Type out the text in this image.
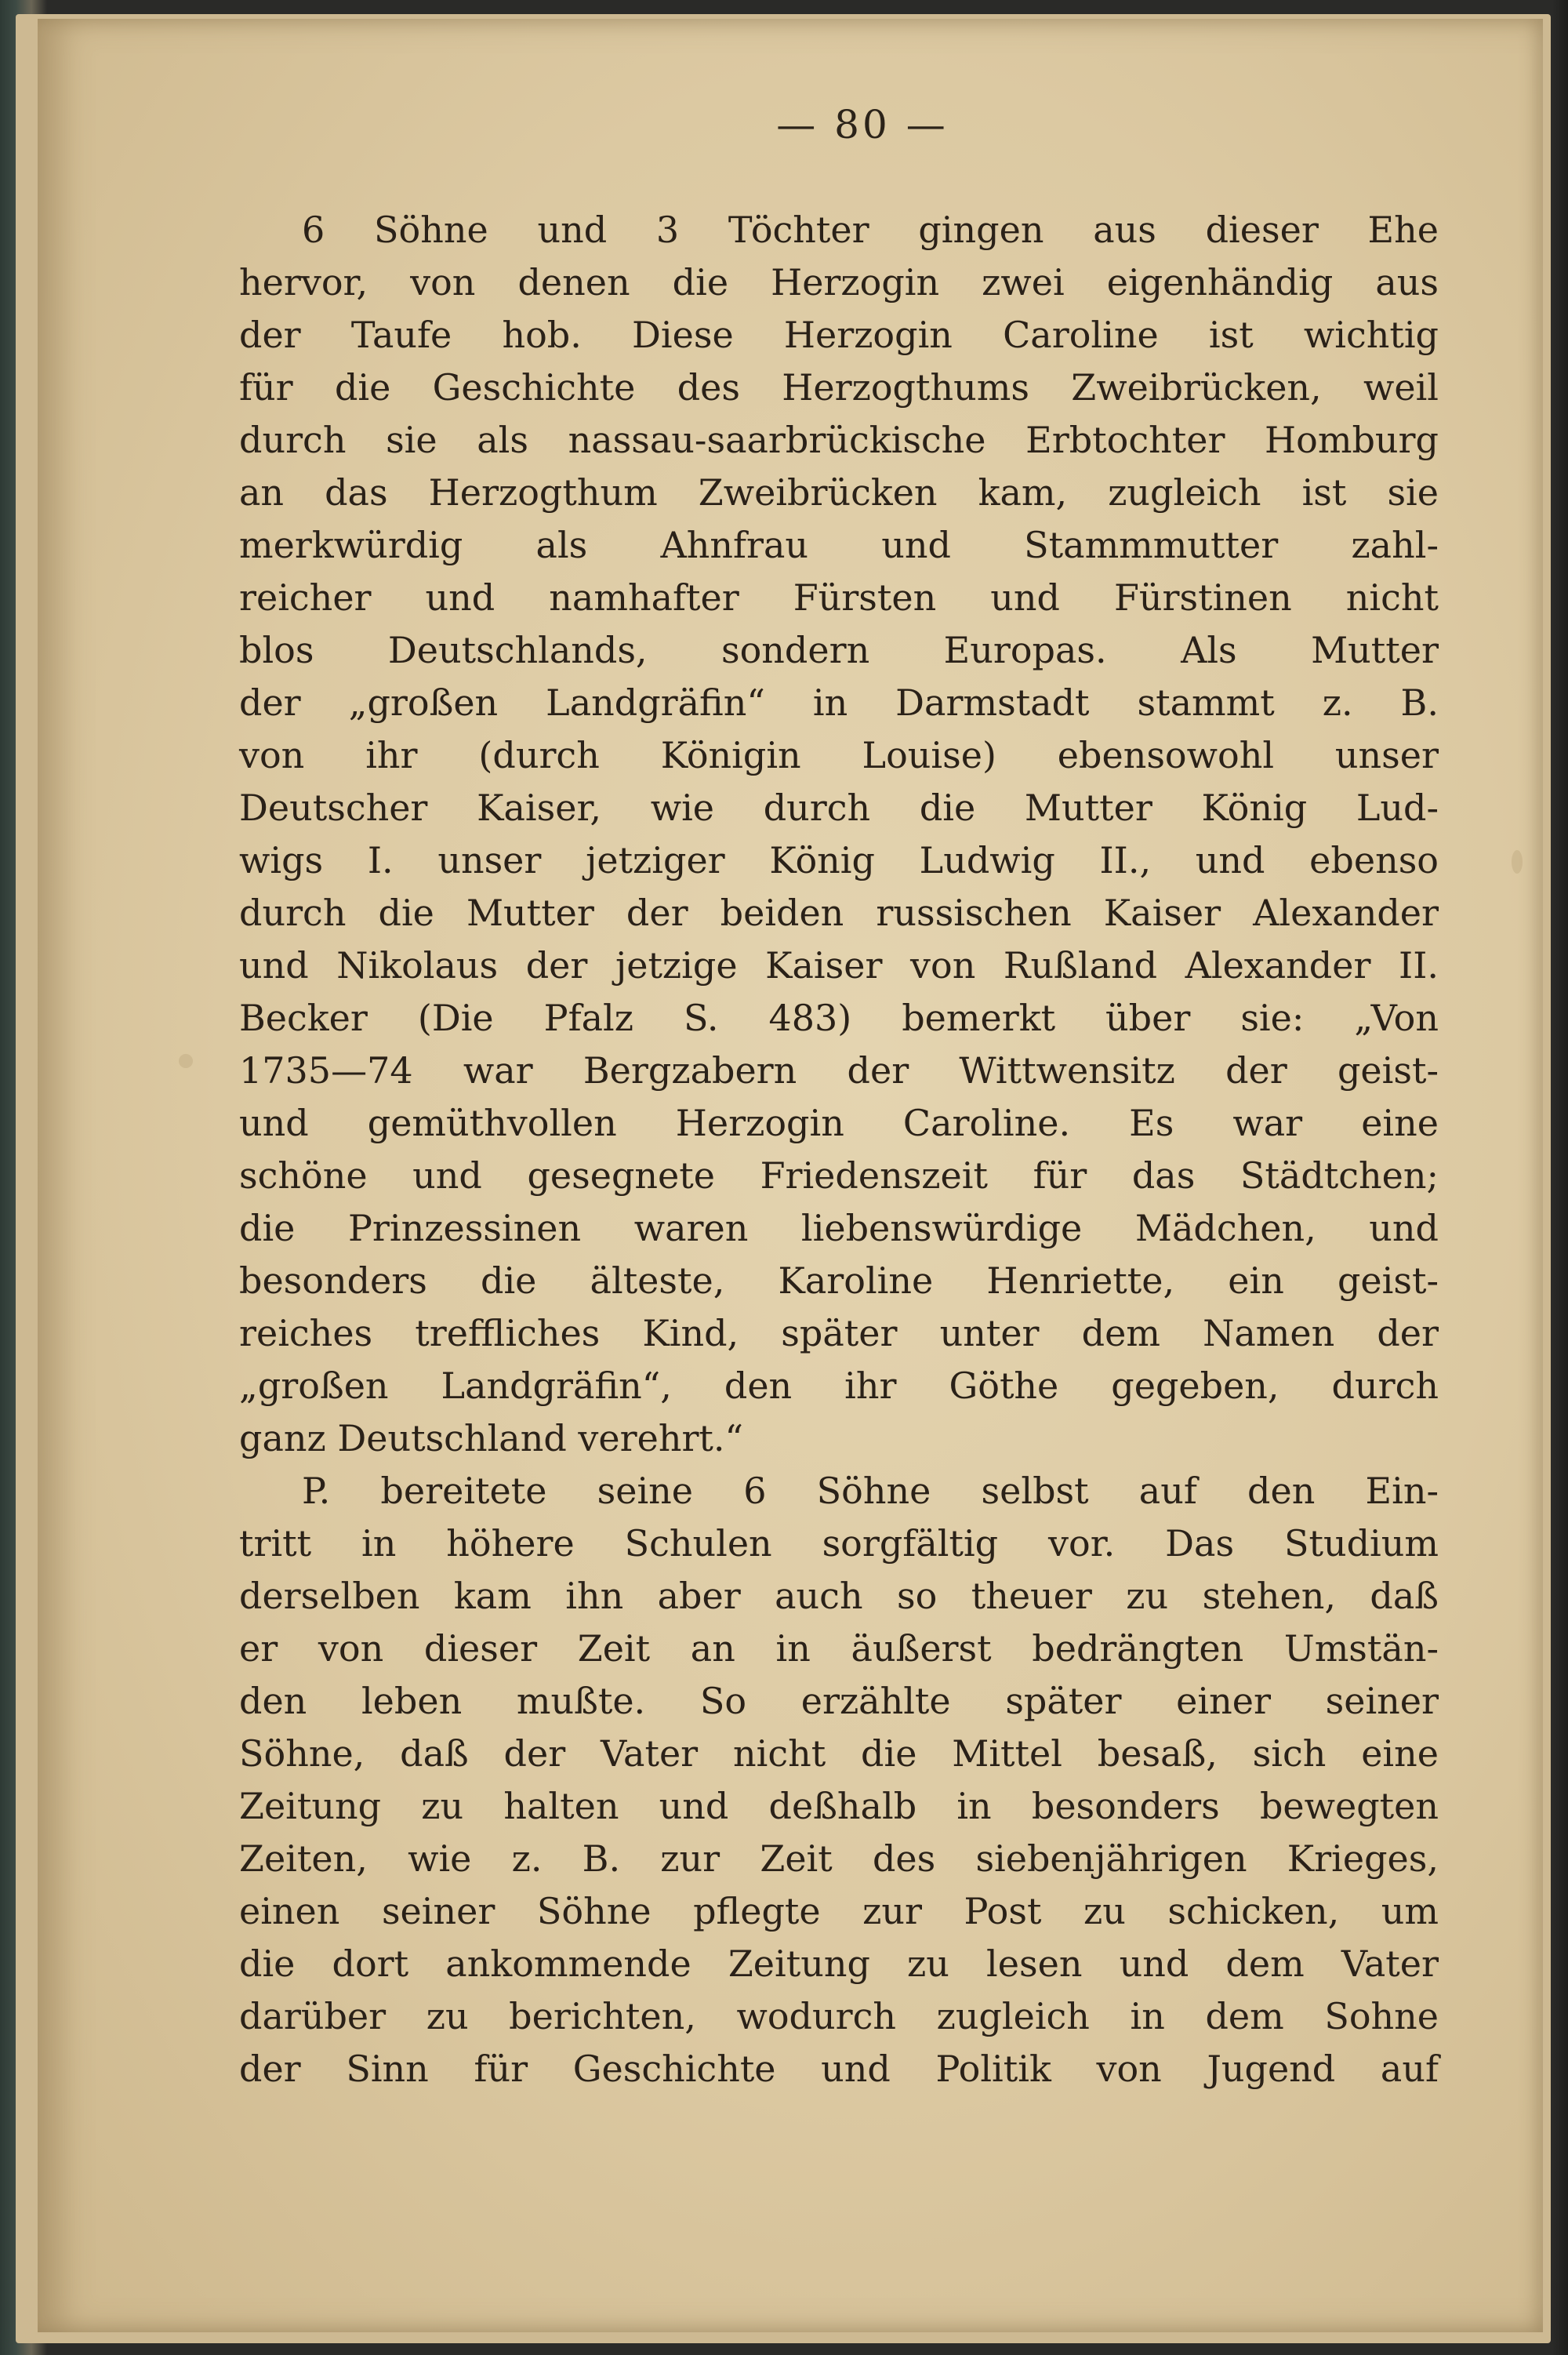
— 80 —
6 Söhne und 3 Töchter gingen aus dieser Ehe
hervor, von denen die Herzogin zwei eigenhändig aus
der Taufe hob. Diese Herzogin Caroline ist wichtig
für die Geschichte des Herzogthums Zweibrücken, weil
durch sie als nassau-saarbrückische Erbtochter Homburg
an das Herzogthum Zweibrücken kam, zugleich ist sie
merkwürdig als Ahnfrau und Stammmutter zahl-
reicher und namhafter Fürsten und Fürstinen nicht
blos Deutschlands, sondern Europas. Als Mutter
der „großen Landgräfin“ in Darmstadt stammt z. B.
von ihr (durch Königin Louise) ebensowohl unser
Deutscher Kaiser, wie durch die Mutter König Lud-
wigs I. unser jetziger König Ludwig II., und ebenso
durch die Mutter der beiden russischen Kaiser Alexander
und Nikolaus der jetzige Kaiser von Rußland Alexander II.
Becker (Die Pfalz S. 483) bemerkt über sie: „Von
1735—74 war Bergzabern der Wittwensitz der geist-
und gemüthvollen Herzogin Caroline. Es war eine
schöne und gesegnete Friedenszeit für das Städtchen;
die Prinzessinen waren liebenswürdige Mädchen, und
besonders die älteste, Karoline Henriette, ein geist-
reiches treffliches Kind, später unter dem Namen der
„großen Landgräfin“, den ihr Göthe gegeben, durch
ganz Deutschland verehrt.“
P. bereitete seine 6 Söhne selbst auf den Ein-
tritt in höhere Schulen sorgfältig vor. Das Studium
derselben kam ihn aber auch so theuer zu stehen, daß
er von dieser Zeit an in äußerst bedrängten Umstän-
den leben mußte. So erzählte später einer seiner
Söhne, daß der Vater nicht die Mittel besaß, sich eine
Zeitung zu halten und deßhalb in besonders bewegten
Zeiten, wie z. B. zur Zeit des siebenjährigen Krieges,
einen seiner Söhne pflegte zur Post zu schicken, um
die dort ankommende Zeitung zu lesen und dem Vater
darüber zu berichten, wodurch zugleich in dem Sohne
der Sinn für Geschichte und Politik von Jugend auf
